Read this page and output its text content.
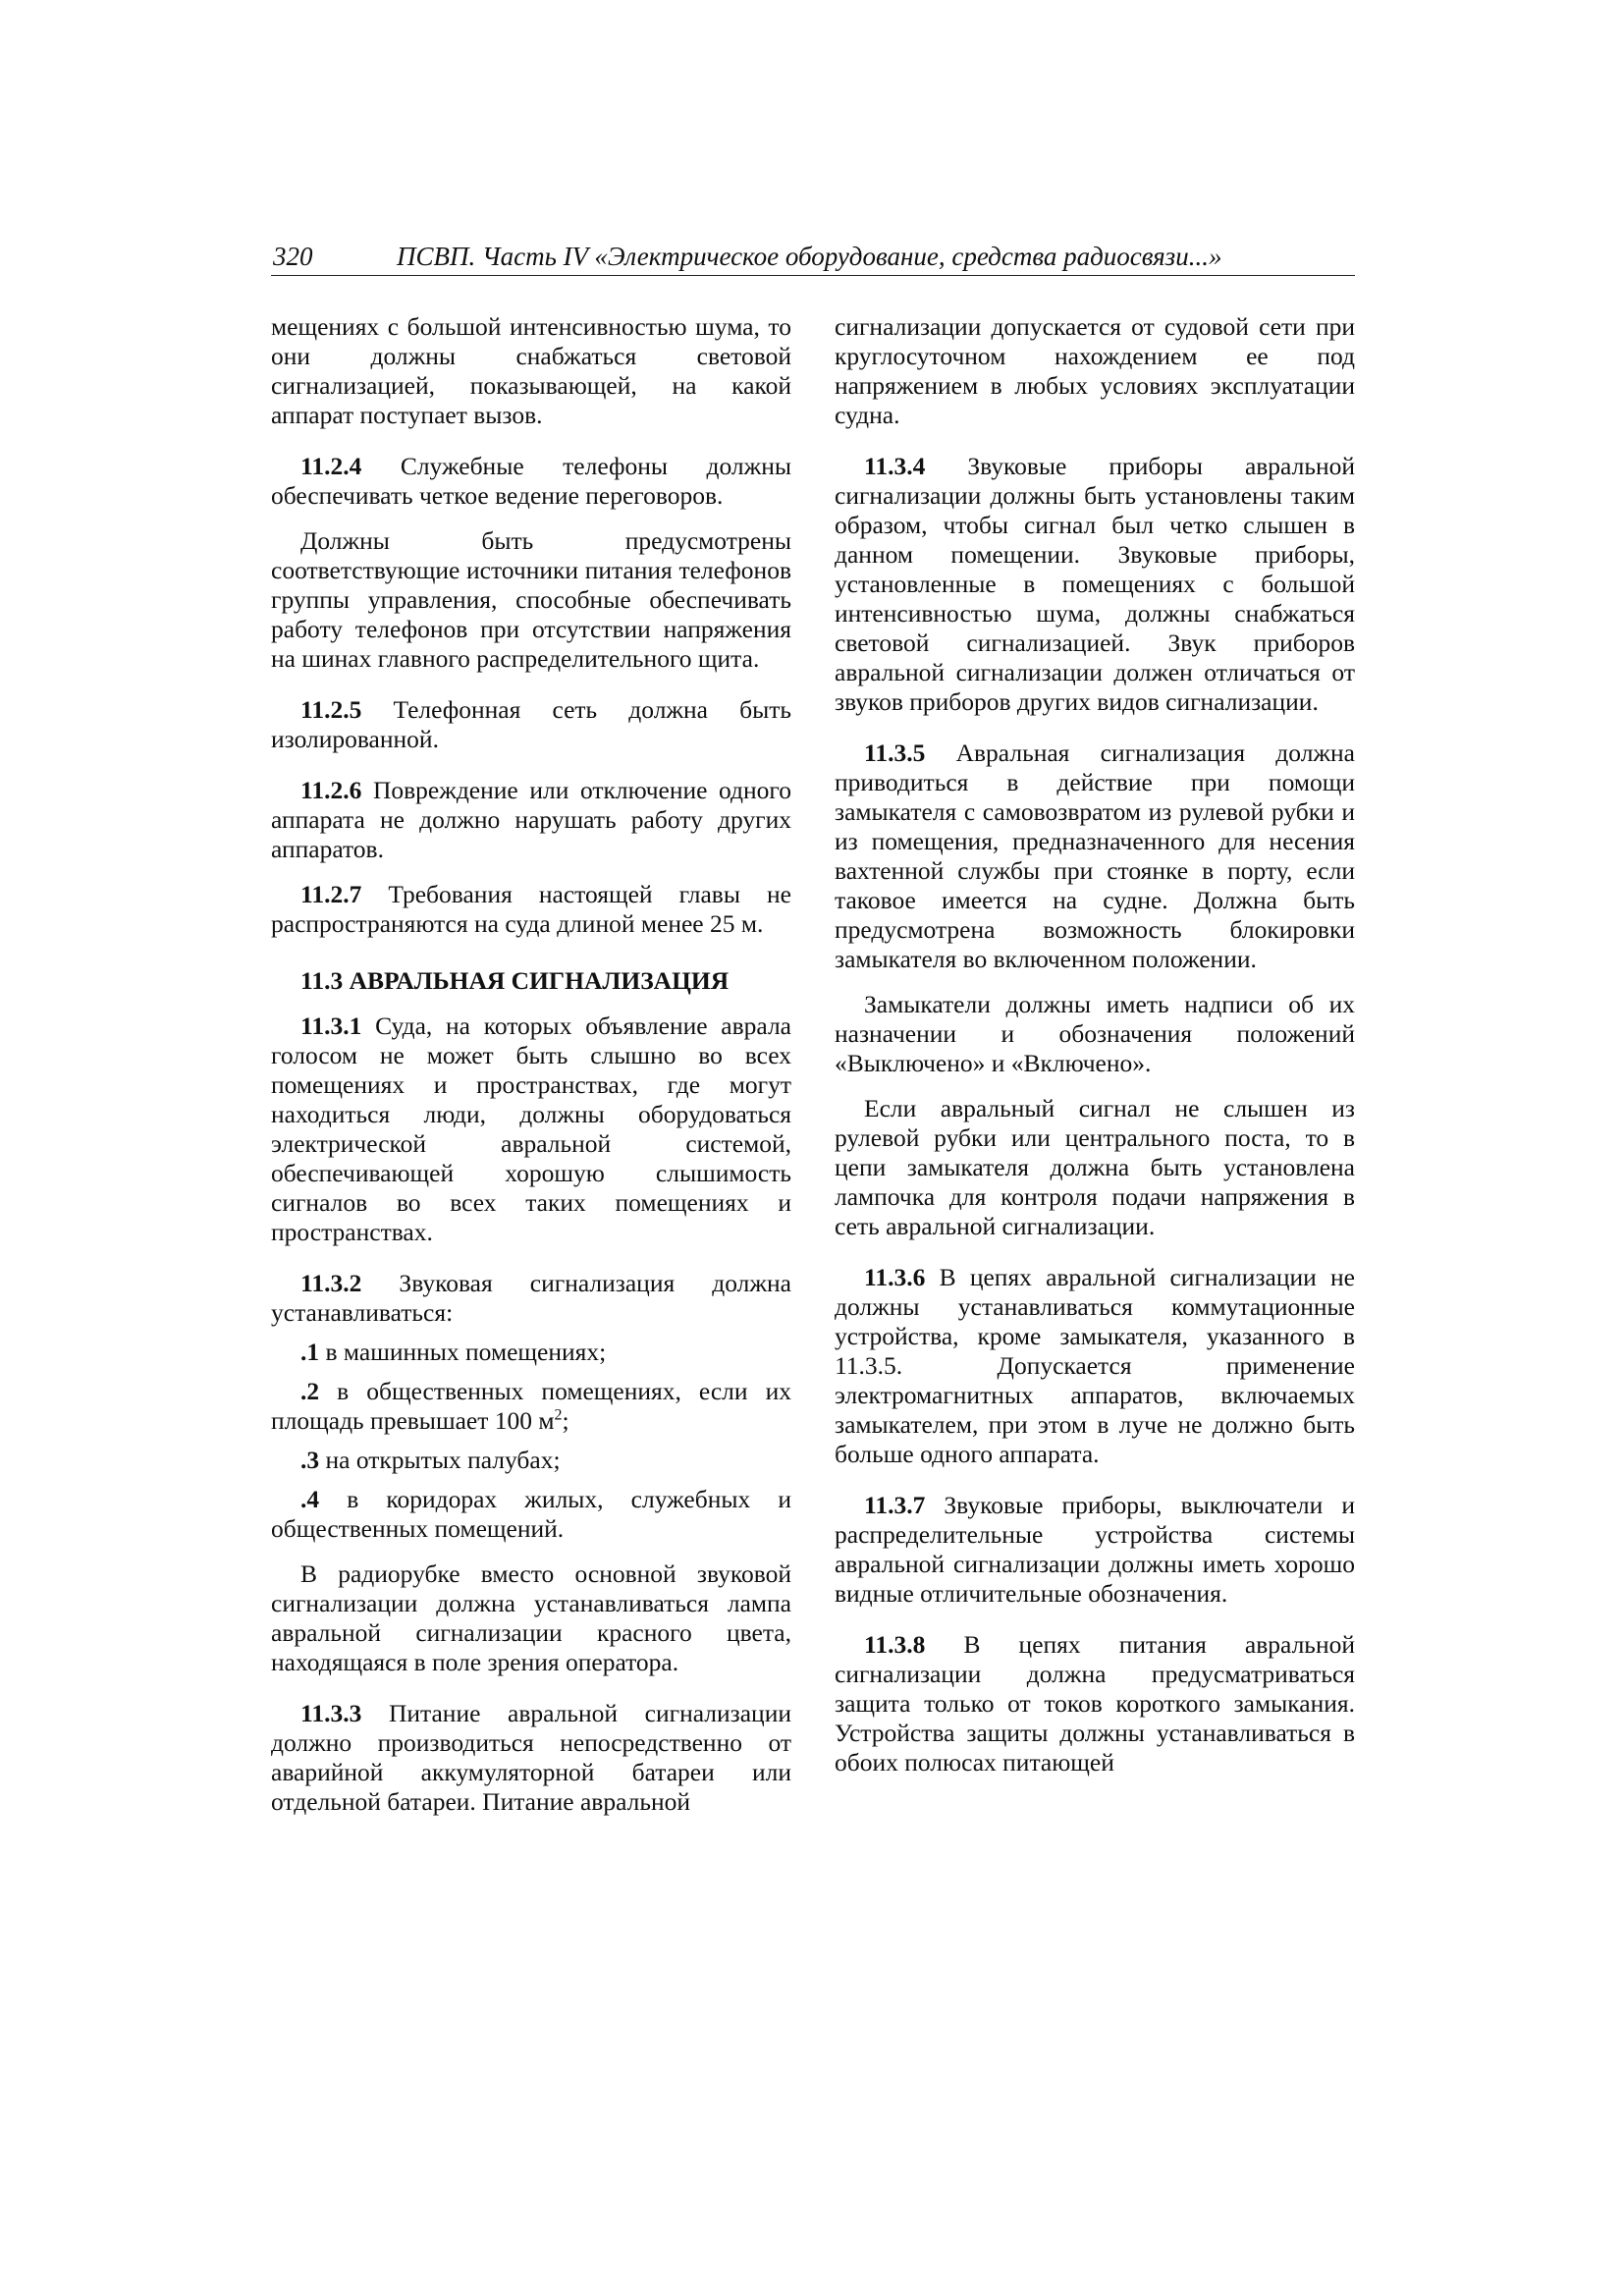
320	ПСВП. Часть IV «Электрическое оборудование, средства радиосвязи...»

мещениях с большой интенсивностью шума, то они должны снабжаться световой сигнализацией, показывающей, на какой аппарат поступает вызов.

11.2.4 Служебные телефоны должны обеспечивать четкое ведение переговоров.

Должны быть предусмотрены соответствующие источники питания телефонов группы управления, способные обеспечивать работу телефонов при отсутствии напряжения на шинах главного распределительного щита.

11.2.5 Телефонная сеть должна быть изолированной.

11.2.6 Повреждение или отключение одного аппарата не должно нарушать работу других аппаратов.

11.2.7 Требования настоящей главы не распространяются на суда длиной менее 25 м.

11.3 АВРАЛЬНАЯ СИГНАЛИЗАЦИЯ

11.3.1 Суда, на которых объявление аврала голосом не может быть слышно во всех помещениях и пространствах, где могут находиться люди, должны оборудоваться электрической авральной системой, обеспечивающей хорошую слышимость сигналов во всех таких помещениях и пространствах.

11.3.2 Звуковая сигнализация должна устанавливаться:

.1 в машинных помещениях;

.2 в общественных помещениях, если их площадь превышает 100 $м^2$;

.3 на открытых палубах;

.4 в коридорах жилых, служебных и общественных помещений.

В радиорубке вместо основной звуковой сигнализации должна устанавливаться лампа авральной сигнализации красного цвета, находящаяся в поле зрения оператора.

11.3.3 Питание авральной сигнализации должно производиться непосредственно от аварийной аккумуляторной батареи или отдельной батареи. Питание авральной

сигнализации допускается от судовой сети при круглосуточном нахождением ее под напряжением в любых условиях эксплуатации судна.

11.3.4 Звуковые приборы авральной сигнализации должны быть установлены таким образом, чтобы сигнал был четко слышен в данном помещении. Звуковые приборы, установленные в помещениях с большой интенсивностью шума, должны снабжаться световой сигнализацией. Звук приборов авральной сигнализации должен отличаться от звуков приборов других видов сигнализации.

11.3.5 Авральная сигнализация должна приводиться в действие при помощи замыкателя с самовозвратом из рулевой рубки и из помещения, предназначенного для несения вахтенной службы при стоянке в порту, если таковое имеется на судне. Должна быть предусмотрена возможность блокировки замыкателя во включенном положении.

Замыкатели должны иметь надписи об их назначении и обозначения положений «Выключено» и «Включено».

Если авральный сигнал не слышен из рулевой рубки или центрального поста, то в цепи замыкателя должна быть установлена лампочка для контроля подачи напряжения в сеть авральной сигнализации.

11.3.6 В цепях авральной сигнализации не должны устанавливаться коммутационные устройства, кроме замыкателя, указанного в 11.3.5. Допускается применение электромагнитных аппаратов, включаемых замыкателем, при этом в луче не должно быть больше одного аппарата.

11.3.7 Звуковые приборы, выключатели и распределительные устройства системы авральной сигнализации должны иметь хорошо видные отличительные обозначения.

11.3.8 В цепях питания авральной сигнализации должна предусматриваться защита только от токов короткого замыкания. Устройства защиты должны устанавливаться в обоих полюсах питающей
